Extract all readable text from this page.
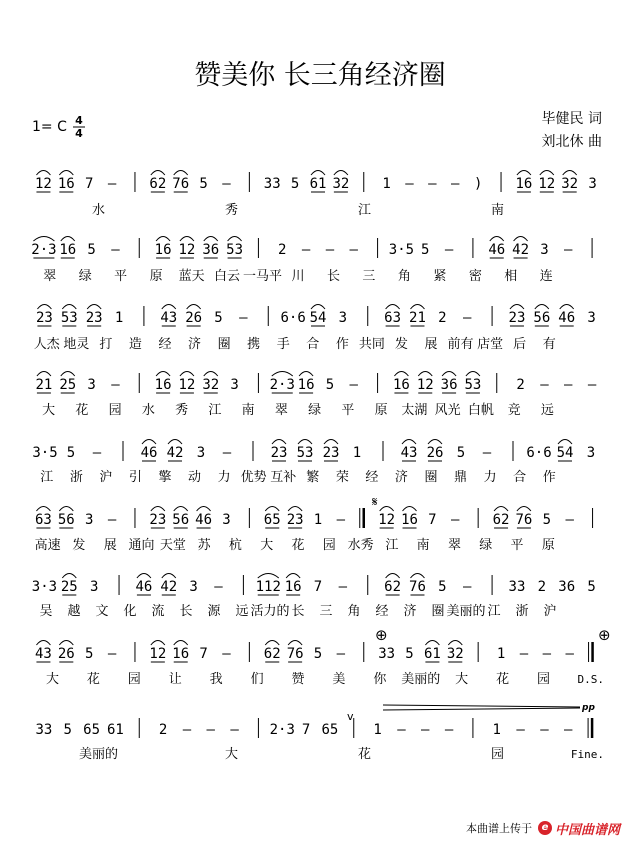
赞美你 长三角经济圈
1= C 4
4
毕健民 词
刘北休 曲
12 16 7 – 62 76 5 – 33 5 61 32 1 – – – ) 16 12 32 3
水	秀	江	南
2·3 16 5 –	16 12 36 53	2 – – – 3·5 5 –	46 42 3 –
翠 绿 平 原 蓝天 白云 一马平 川 长 三 角 紧 密 相 连
23 53 23 1	43 26 5 – 6·6 54 3	63 21 2 –	23 56 46 3
人杰 地灵 打 造 经 济 圈 携 手 合 作 共同 发 展 前有 店堂 后 有
21 25 3 –	16 12 32 3 2·3 16 5 –	16 12 36 53	2 – – –
大 花 园 水 秀 江 南 翠 绿 平 原 太湖 风光 白帆 竞 远
3·5 5 –	46 42 3 –	23 53 23 1	43 26 5 –	6·6 54 3
江 浙 沪 引 擎 动 力 优势 互补 繁 荣 经 济 圈 鼎 力 合 作
63 56 3 – 23 56 46 3 65 23 1 – 12 16 7 – 62 76 5 –
高速 发 展 通向 天堂 苏 杭 大 花 园 水秀 江 南 翠 绿 平 原
3·3 25 3	46 42 3 – 112 16 7 –	62 76 5 –	33 2 36 5
吴 越 文 化 流 长 源 远 活力的 长 三 角 经 济 圈 美丽的 江 浙 沪
43 26 5 – 12 16 7 – 62 76 5 – 33 5 61 32 1 – – –
大 花 园 让 我 们 赞 美 你 美丽的 大 花 园 D.S.
33 5 65 61	2 – – – 2·3 7 65	1 – – –	1 – – –
美丽的	大	花	园	Fine.
𝄋
⊕	⊕
v
pp
本曲谱上传于 e 中国曲谱网
